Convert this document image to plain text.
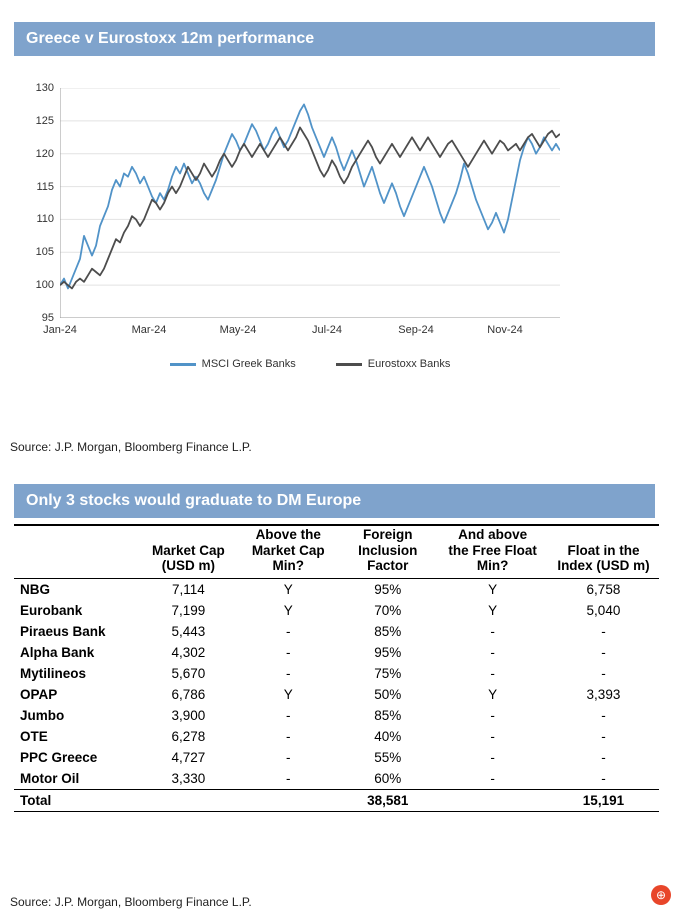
Greece v Eurostoxx 12m performance
95
100
105
110
115
120
125
130
Jan-24	Mar-24	May-24	Jul-24	Sep-24	Nov-24
MSCI Greek Banks	Eurostoxx Banks
Source: J.P. Morgan, Bloomberg Finance L.P.
Only 3 stocks would graduate to DM Europe

Market Cap
(USD m)

Above the
Market Cap
Min?

Foreign
Inclusion
Factor

And above
the Free Float
Min?

Float in the
Index (USD m)

NBG	7,114	Y	95%	Y	6,758
Eurobank	7,199	Y	70%	Y	5,040
Piraeus Bank	5,443	-	85%	-	-
Alpha Bank	4,302	-	95%	-	-
Mytilineos	5,670	-	75%	-	-
OPAP	6,786	Y	50%	Y	3,393
Jumbo	3,900	-	85%	-	-
OTE	6,278	-	40%	-	-
PPC Greece	4,727	-	55%	-	-
Motor Oil	3,330	-	60%	-	-
Total			38,581		15,191
Source: J.P. Morgan, Bloomberg Finance L.P.	⊕
